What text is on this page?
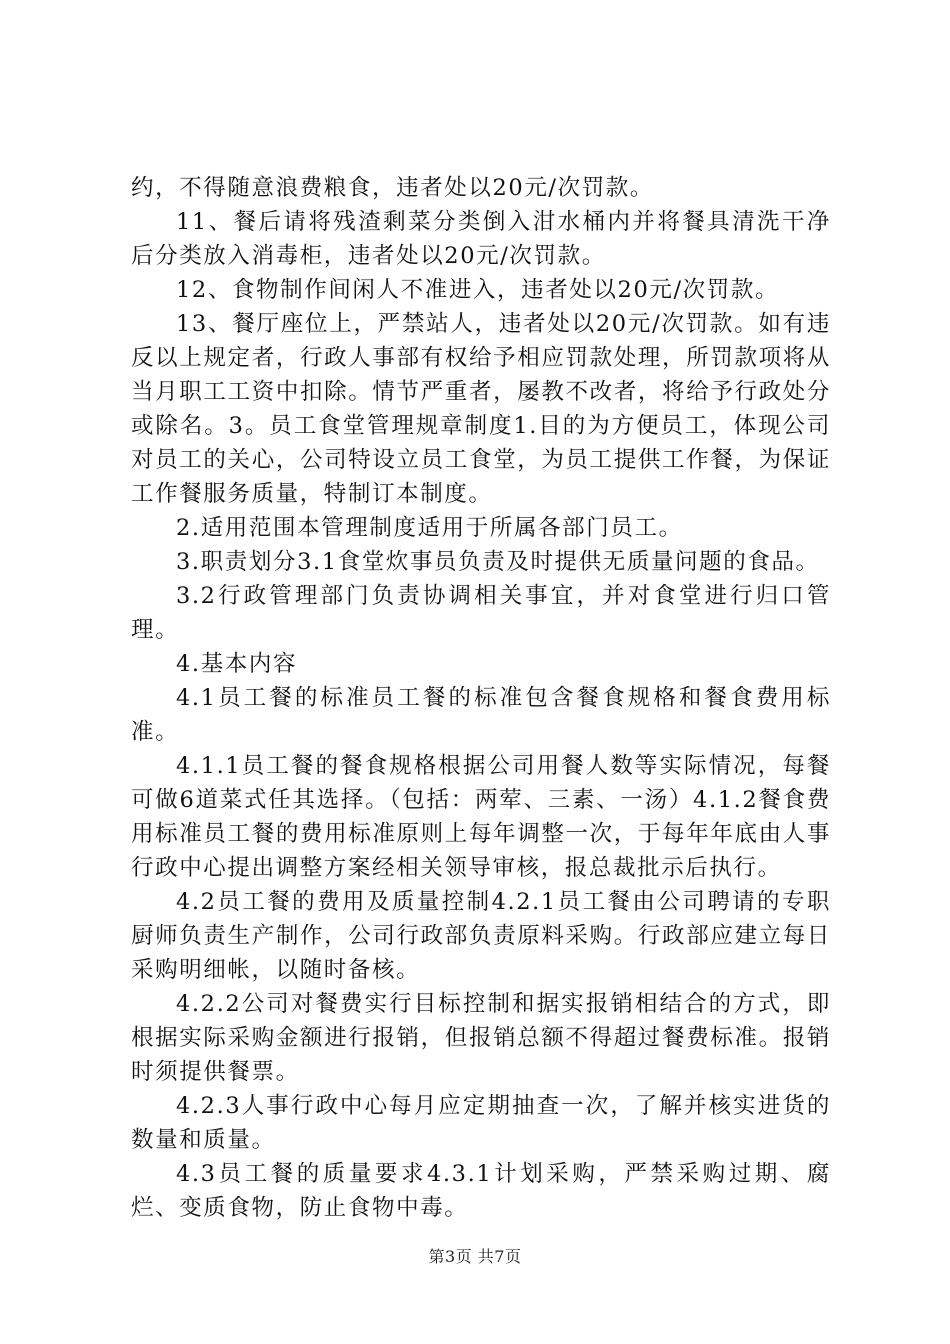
约，不得随意浪费粮食，违者处以20元/次罚款。

11、餐后请将残渣剩菜分类倒入泔水桶内并将餐具清洗干净后分类放入消毒柜，违者处以20元/次罚款。

12、食物制作间闲人不准进入，违者处以20元/次罚款。

13、餐厅座位上，严禁站人，违者处以20元/次罚款。如有违反以上规定者，行政人事部有权给予相应罚款处理，所罚款项将从当月职工工资中扣除。情节严重者，屡教不改者，将给予行政处分或除名。3。员工食堂管理规章制度1.目的为方便员工，体现公司对员工的关心，公司特设立员工食堂，为员工提供工作餐，为保证工作餐服务质量，特制订本制度。

2.适用范围本管理制度适用于所属各部门员工。

3.职责划分3.1食堂炊事员负责及时提供无质量问题的食品。

3.2行政管理部门负责协调相关事宜，并对食堂进行归口管理。

4.基本内容

4.1员工餐的标准员工餐的标准包含餐食规格和餐食费用标准。

4.1.1员工餐的餐食规格根据公司用餐人数等实际情况，每餐可做6道菜式任其选择。（包括：两荤、三素、一汤）4.1.2餐食费用标准员工餐的费用标准原则上每年调整一次，于每年年底由人事行政中心提出调整方案经相关领导审核，报总裁批示后执行。

4.2员工餐的费用及质量控制4.2.1员工餐由公司聘请的专职厨师负责生产制作，公司行政部负责原料采购。行政部应建立每日采购明细帐，以随时备核。

4.2.2公司对餐费实行目标控制和据实报销相结合的方式，即根据实际采购金额进行报销，但报销总额不得超过餐费标准。报销时须提供餐票。

4.2.3人事行政中心每月应定期抽查一次，了解并核实进货的数量和质量。

4.3员工餐的质量要求4.3.1计划采购，严禁采购过期、腐烂、变质食物，防止食物中毒。

第3页 共7页
